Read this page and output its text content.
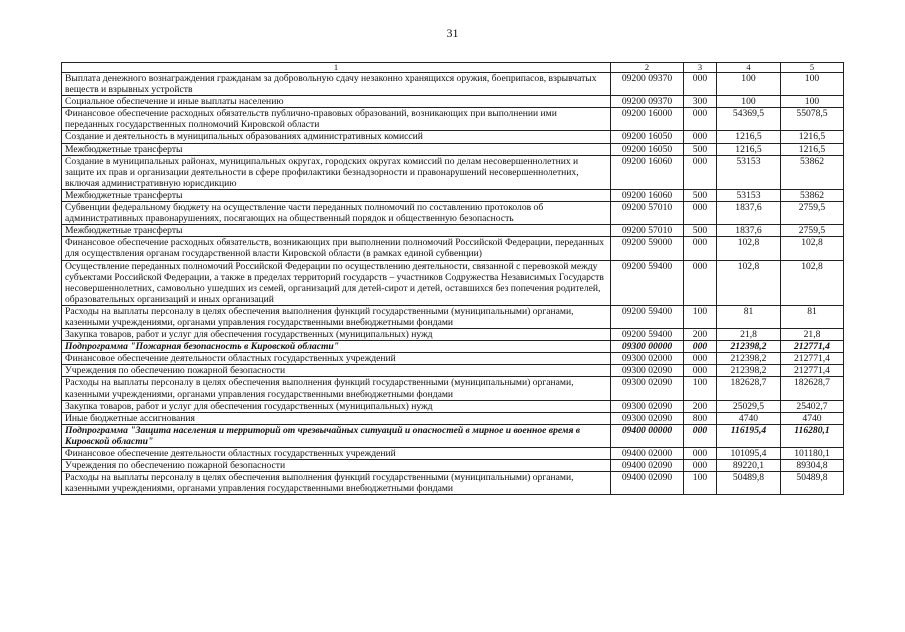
31
1	2	3	4	5
Выплата денежного вознаграждения гражданам за добровольную сдачу незаконно хранящихся оружия, боеприпасов, взрывчатых веществ и взрывных устройств	09200 09370	000	100	100
Социальное обеспечение и иные выплаты населению	09200 09370	300	100	100
Финансовое обеспечение расходных обязательств публично-правовых образований, возникающих при выполнении ими переданных государственных полномочий Кировской области	09200 16000	000	54369,5	55078,5
Создание и деятельность в муниципальных образованиях административных комиссий	09200 16050	000	1216,5	1216,5
Межбюджетные трансферты	09200 16050	500	1216,5	1216,5
Создание в муниципальных районах, муниципальных округах, городских округах комиссий по делам несовершеннолетних и защите их прав и организации деятельности в сфере профилактики безнадзорности и правонарушений несовершеннолетних, включая административную юрисдикцию	09200 16060	000	53153	53862
Межбюджетные трансферты	09200 16060	500	53153	53862
Субвенции федеральному бюджету на осуществление части переданных полномочий по составлению протоколов об административных правонарушениях, посягающих на общественный порядок и общественную безопасность	09200 57010	000	1837,6	2759,5
Межбюджетные трансферты	09200 57010	500	1837,6	2759,5
Финансовое обеспечение расходных обязательств, возникающих при выполнении полномочий Российской Федерации, переданных для осуществления органам государственной власти Кировской области (в рамках единой субвенции)	09200 59000	000	102,8	102,8
Осуществление переданных полномочий Российской Федерации по осуществлению деятельности, связанной с перевозкой между субъектами Российской Федерации, а также в пределах территорий государств – участников Содружества Независимых Государств несовершеннолетних, самовольно ушедших из семей, организаций для детей-сирот и детей, оставшихся без попечения родителей, образовательных организаций и иных организаций	09200 59400	000	102,8	102,8
Расходы на выплаты персоналу в целях обеспечения выполнения функций государственными (муниципальными) органами, казенными учреждениями, органами управления государственными внебюджетными фондами	09200 59400	100	81	81
Закупка товаров, работ и услуг для обеспечения государственных (муниципальных) нужд	09200 59400	200	21,8	21,8
Подпрограмма "Пожарная безопасность в Кировской области"	09300 00000	000	212398,2	212771,4
Финансовое обеспечение деятельности областных государственных учреждений	09300 02000	000	212398,2	212771,4
Учреждения по обеспечению пожарной безопасности	09300 02090	000	212398,2	212771,4
Расходы на выплаты персоналу в целях обеспечения выполнения функций государственными (муниципальными) органами, казенными учреждениями, органами управления государственными внебюджетными фондами	09300 02090	100	182628,7	182628,7
Закупка товаров, работ и услуг для обеспечения государственных (муниципальных) нужд	09300 02090	200	25029,5	25402,7
Иные бюджетные ассигнования	09300 02090	800	4740	4740
Подпрограмма "Защита населения и территорий от чрезвычайных ситуаций и опасностей в мирное и военное время в Кировской области"	09400 00000	000	116195,4	116280,1
Финансовое обеспечение деятельности областных государственных учреждений	09400 02000	000	101095,4	101180,1
Учреждения по обеспечению пожарной безопасности	09400 02090	000	89220,1	89304,8
Расходы на выплаты персоналу в целях обеспечения выполнения функций государственными (муниципальными) органами, казенными учреждениями, органами управления государственными внебюджетными фондами	09400 02090	100	50489,8	50489,8
